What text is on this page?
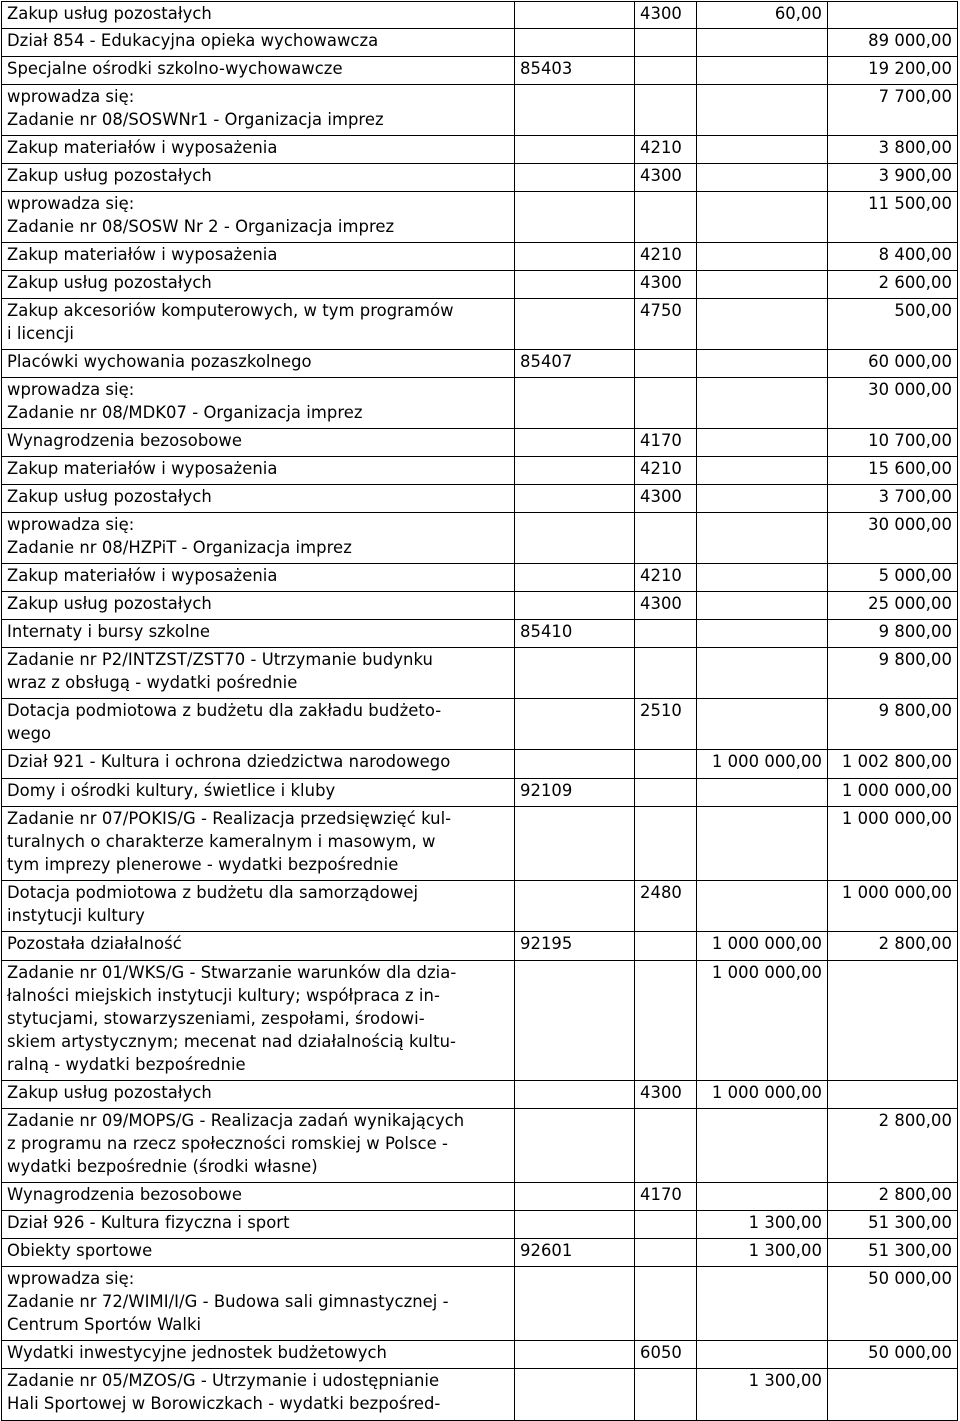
Zakup usług pozostałych		4300	60,00	
Dział 854 - Edukacyjna opieka wychowawcza				89 000,00
Specjalne ośrodki szkolno-wychowawcze	85403			19 200,00
wprowadza się:
Zadanie nr 08/SOSWNr1 - Organizacja imprez				7 700,00
Zakup materiałów i wyposażenia		4210		3 800,00
Zakup usług pozostałych		4300		3 900,00
wprowadza się:
Zadanie nr 08/SOSW Nr 2 - Organizacja imprez				11 500,00
Zakup materiałów i wyposażenia		4210		8 400,00
Zakup usług pozostałych		4300		2 600,00
Zakup akcesoriów komputerowych, w tym programów
i licencji		4750		500,00
Placówki wychowania pozaszkolnego	85407			60 000,00
wprowadza się:
Zadanie nr 08/MDK07 - Organizacja imprez				30 000,00
Wynagrodzenia bezosobowe		4170		10 700,00
Zakup materiałów i wyposażenia		4210		15 600,00
Zakup usług pozostałych		4300		3 700,00
wprowadza się:
Zadanie nr 08/HZPiT - Organizacja imprez				30 000,00
Zakup materiałów i wyposażenia		4210		5 000,00
Zakup usług pozostałych		4300		25 000,00
Internaty i bursy szkolne	85410			9 800,00
Zadanie nr P2/INTZST/ZST70 - Utrzymanie budynku
wraz z obsługą - wydatki pośrednie				9 800,00
Dotacja podmiotowa z budżetu dla zakładu budżeto-
wego		2510		9 800,00
Dział 921 - Kultura i ochrona dziedzictwa narodowego			1 000 000,00	1 002 800,00
Domy i ośrodki kultury, świetlice i kluby	92109			1 000 000,00
Zadanie nr 07/POKIS/G - Realizacja przedsięwzięć kul-
turalnych o charakterze kameralnym i masowym, w
tym imprezy plenerowe - wydatki bezpośrednie				1 000 000,00
Dotacja podmiotowa z budżetu dla samorządowej
instytucji kultury		2480		1 000 000,00
Pozostała działalność	92195		1 000 000,00	2 800,00
Zadanie nr 01/WKS/G - Stwarzanie warunków dla dzia-
łalności miejskich instytucji kultury; współpraca z in-
stytucjami, stowarzyszeniami, zespołami, środowi-
skiem artystycznym; mecenat nad działalnością kultu-
ralną - wydatki bezpośrednie			1 000 000,00	
Zakup usług pozostałych		4300	1 000 000,00	
Zadanie nr 09/MOPS/G - Realizacja zadań wynikających
z programu na rzecz społeczności romskiej w Polsce -
wydatki bezpośrednie (środki własne)				2 800,00
Wynagrodzenia bezosobowe		4170		2 800,00
Dział 926 - Kultura fizyczna i sport			1 300,00	51 300,00
Obiekty sportowe	92601		1 300,00	51 300,00
wprowadza się:
Zadanie nr 72/WIMI/I/G - Budowa sali gimnastycznej -
Centrum Sportów Walki				50 000,00
Wydatki inwestycyjne jednostek budżetowych		6050		50 000,00
Zadanie nr 05/MZOS/G - Utrzymanie i udostępnianie
Hali Sportowej w Borowiczkach - wydatki bezpośred-			1 300,00	
